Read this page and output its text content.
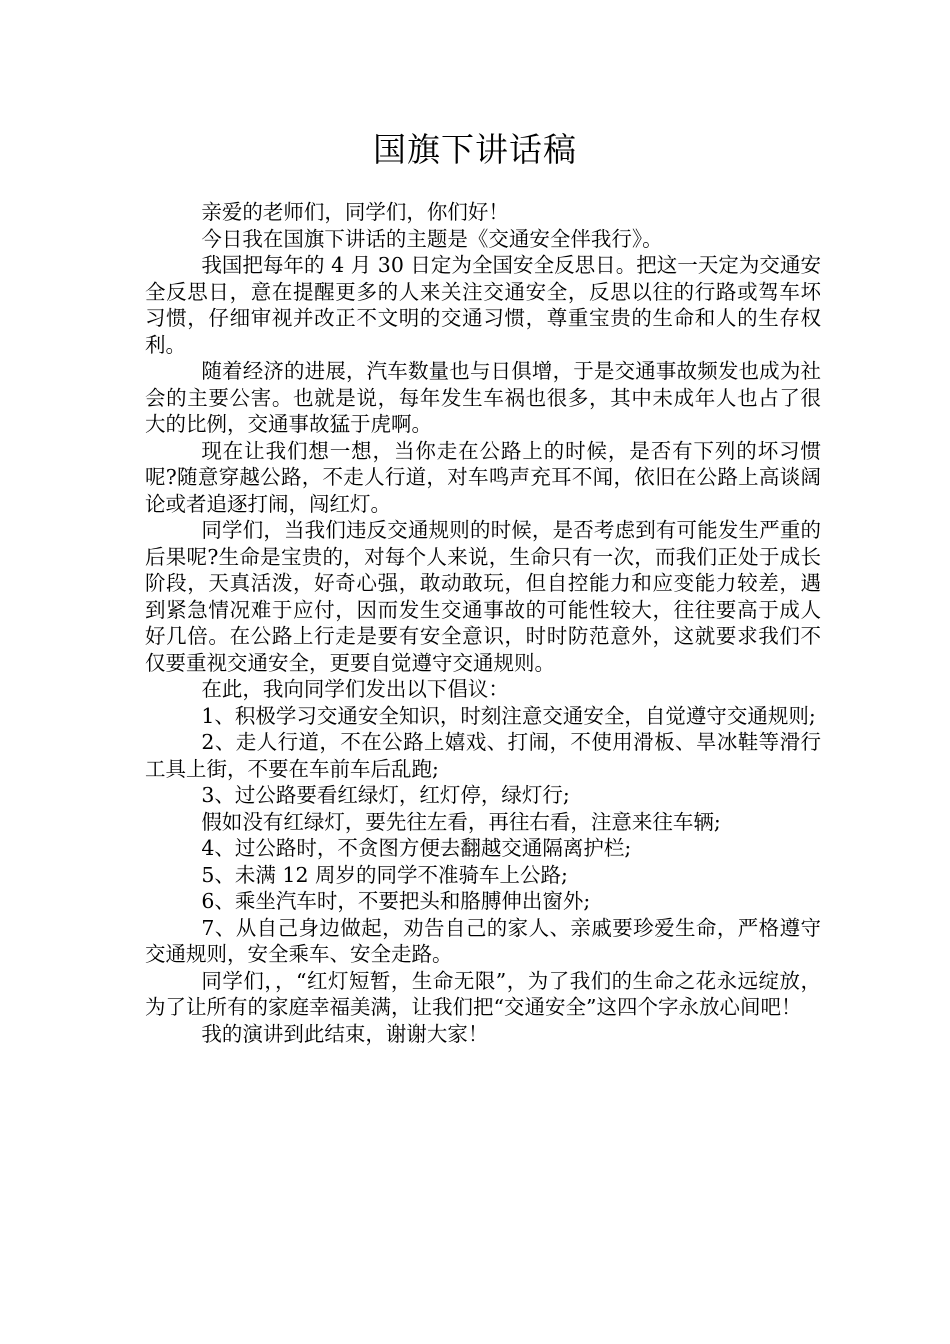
国旗下讲话稿

亲爱的老师们，同学们，你们好！

今日我在国旗下讲话的主题是《交通安全伴我行》。

我国把每年的 4 月 30 日定为全国安全反思日。把这一天定为交通安全反思日，意在提醒更多的人来关注交通安全，反思以往的行路或驾车坏习惯，仔细审视并改正不文明的交通习惯，尊重宝贵的生命和人的生存权利。

随着经济的进展，汽车数量也与日俱增，于是交通事故频发也成为社会的主要公害。也就是说，每年发生车祸也很多，其中未成年人也占了很大的比例，交通事故猛于虎啊。

现在让我们想一想，当你走在公路上的时候，是否有下列的坏习惯呢?随意穿越公路，不走人行道，对车鸣声充耳不闻，依旧在公路上高谈阔论或者追逐打闹，闯红灯。

同学们，当我们违反交通规则的时候，是否考虑到有可能发生严重的后果呢?生命是宝贵的，对每个人来说，生命只有一次，而我们正处于成长阶段，天真活泼，好奇心强，敢动敢玩，但自控能力和应变能力较差，遇到紧急情况难于应付，因而发生交通事故的可能性较大，往往要高于成人好几倍。在公路上行走是要有安全意识，时时防范意外，这就要求我们不仅要重视交通安全，更要自觉遵守交通规则。

在此，我向同学们发出以下倡议：

1、积极学习交通安全知识，时刻注意交通安全，自觉遵守交通规则;

2、走人行道，不在公路上嬉戏、打闹，不使用滑板、旱冰鞋等滑行工具上街，不要在车前车后乱跑;

3、过公路要看红绿灯，红灯停，绿灯行;

假如没有红绿灯，要先往左看，再往右看，注意来往车辆;

4、过公路时，不贪图方便去翻越交通隔离护栏;

5、未满 12 周岁的同学不准骑车上公路;

6、乘坐汽车时，不要把头和胳膊伸出窗外;

7、从自己身边做起，劝告自己的家人、亲戚要珍爱生命，严格遵守交通规则，安全乘车、安全走路。

同学们，，“红灯短暂，生命无限”，为了我们的生命之花永远绽放，为了让所有的家庭幸福美满，让我们把“交通安全”这四个字永放心间吧！

我的演讲到此结束，谢谢大家！
